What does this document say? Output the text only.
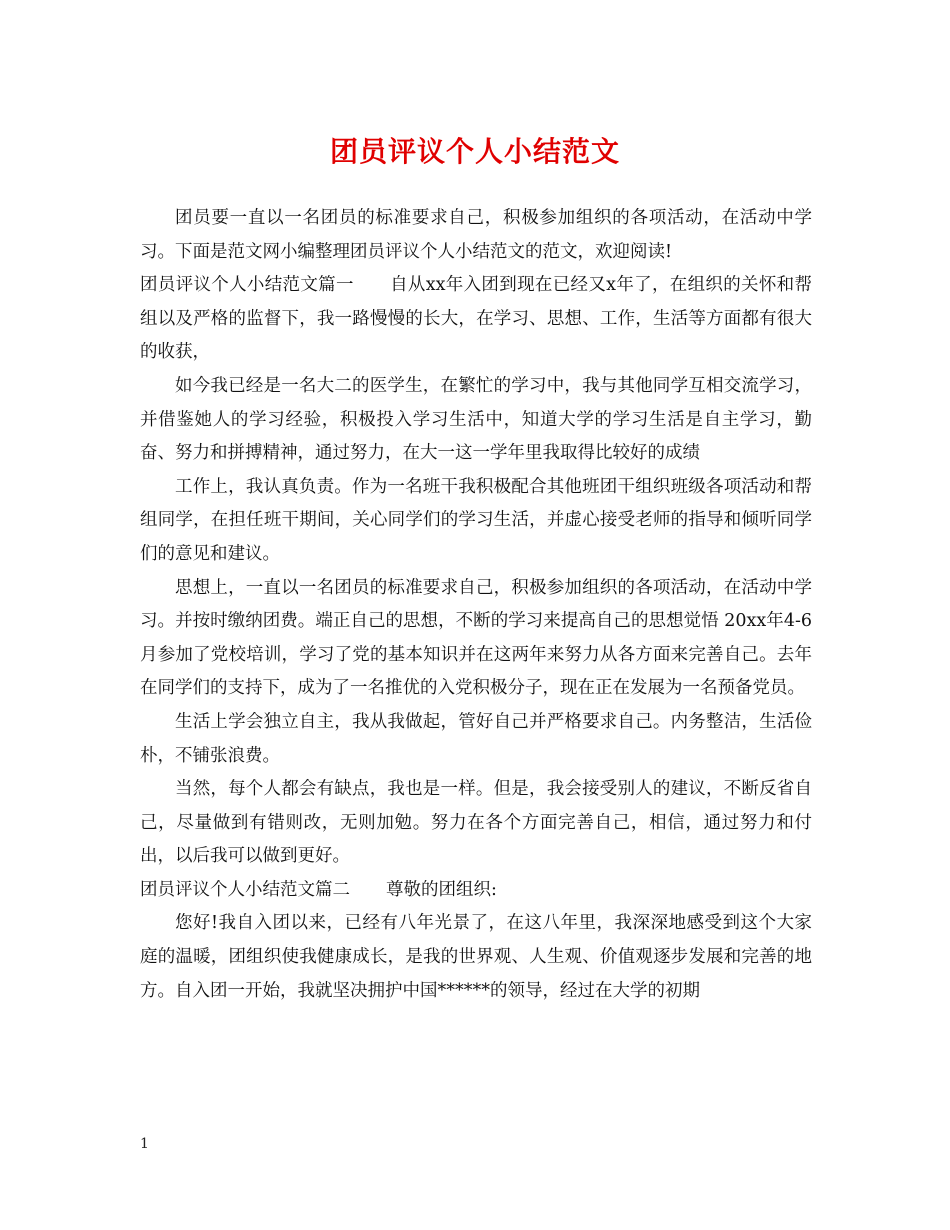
团员评议个人小结范文

团员要一直以一名团员的标准要求自己，积极参加组织的各项活动，在活动中学习。下面是范文网小编整理团员评议个人小结范文的范文，欢迎阅读!

团员评议个人小结范文篇一 自从xx年入团到现在已经又x年了，在组织的关怀和帮组以及严格的监督下，我一路慢慢的长大，在学习、思想、工作，生活等方面都有很大的收获，

如今我已经是一名大二的医学生，在繁忙的学习中，我与其他同学互相交流学习，并借鉴她人的学习经验，积极投入学习生活中，知道大学的学习生活是自主学习，勤奋、努力和拼搏精神，通过努力，在大一这一学年里我取得比较好的成绩

工作上，我认真负责。作为一名班干我积极配合其他班团干组织班级各项活动和帮组同学，在担任班干期间，关心同学们的学习生活，并虚心接受老师的指导和倾听同学们的意见和建议。

思想上，一直以一名团员的标准要求自己，积极参加组织的各项活动，在活动中学习。并按时缴纳团费。端正自己的思想，不断的学习来提高自己的思想觉悟 20xx年4-6月参加了党校培训，学习了党的基本知识并在这两年来努力从各方面来完善自己。去年在同学们的支持下，成为了一名推优的入党积极分子，现在正在发展为一名预备党员。

生活上学会独立自主，我从我做起，管好自己并严格要求自己。内务整洁，生活俭朴，不铺张浪费。

当然，每个人都会有缺点，我也是一样。但是，我会接受别人的建议，不断反省自己，尽量做到有错则改，无则加勉。努力在各个方面完善自己，相信，通过努力和付出，以后我可以做到更好。

团员评议个人小结范文篇二 尊敬的团组织:

您好!我自入团以来，已经有八年光景了，在这八年里，我深深地感受到这个大家庭的温暖，团组织使我健康成长，是我的世界观、人生观、价值观逐步发展和完善的地方。自入团一开始，我就坚决拥护中国******的领导，经过在大学的初期

1
